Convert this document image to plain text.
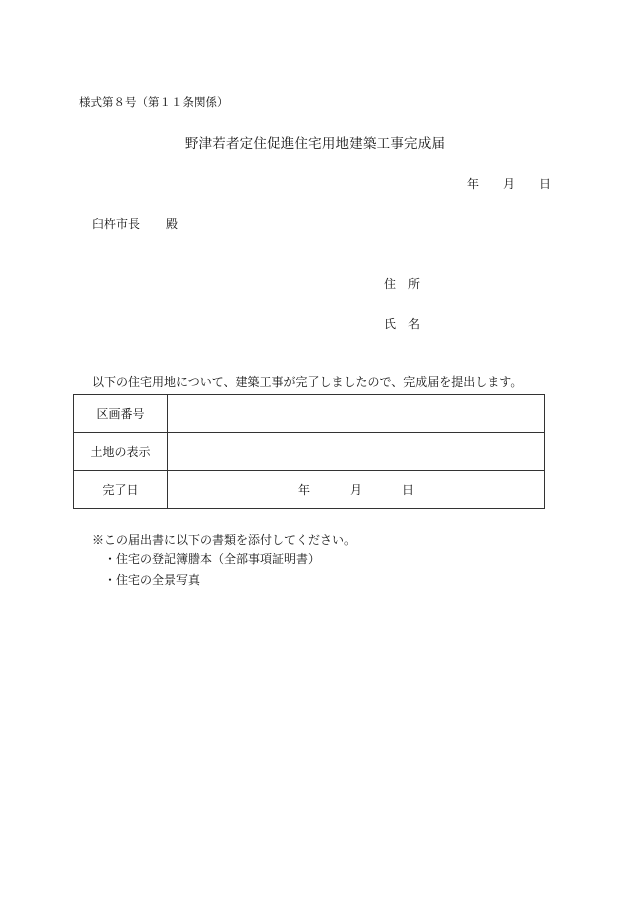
様式第８号（第１１条関係）
野津若者定住促進住宅用地建築工事完成届
年 月 日
臼杵市長 殿
住 所
氏 名
以下の住宅用地について、建築工事が完了しましたので、完成届を提出します。
区画番号	
土地の表示	
完了日	年 月 日
※この届出書に以下の書類を添付してください。
・住宅の登記簿謄本（全部事項証明書）
・住宅の全景写真
